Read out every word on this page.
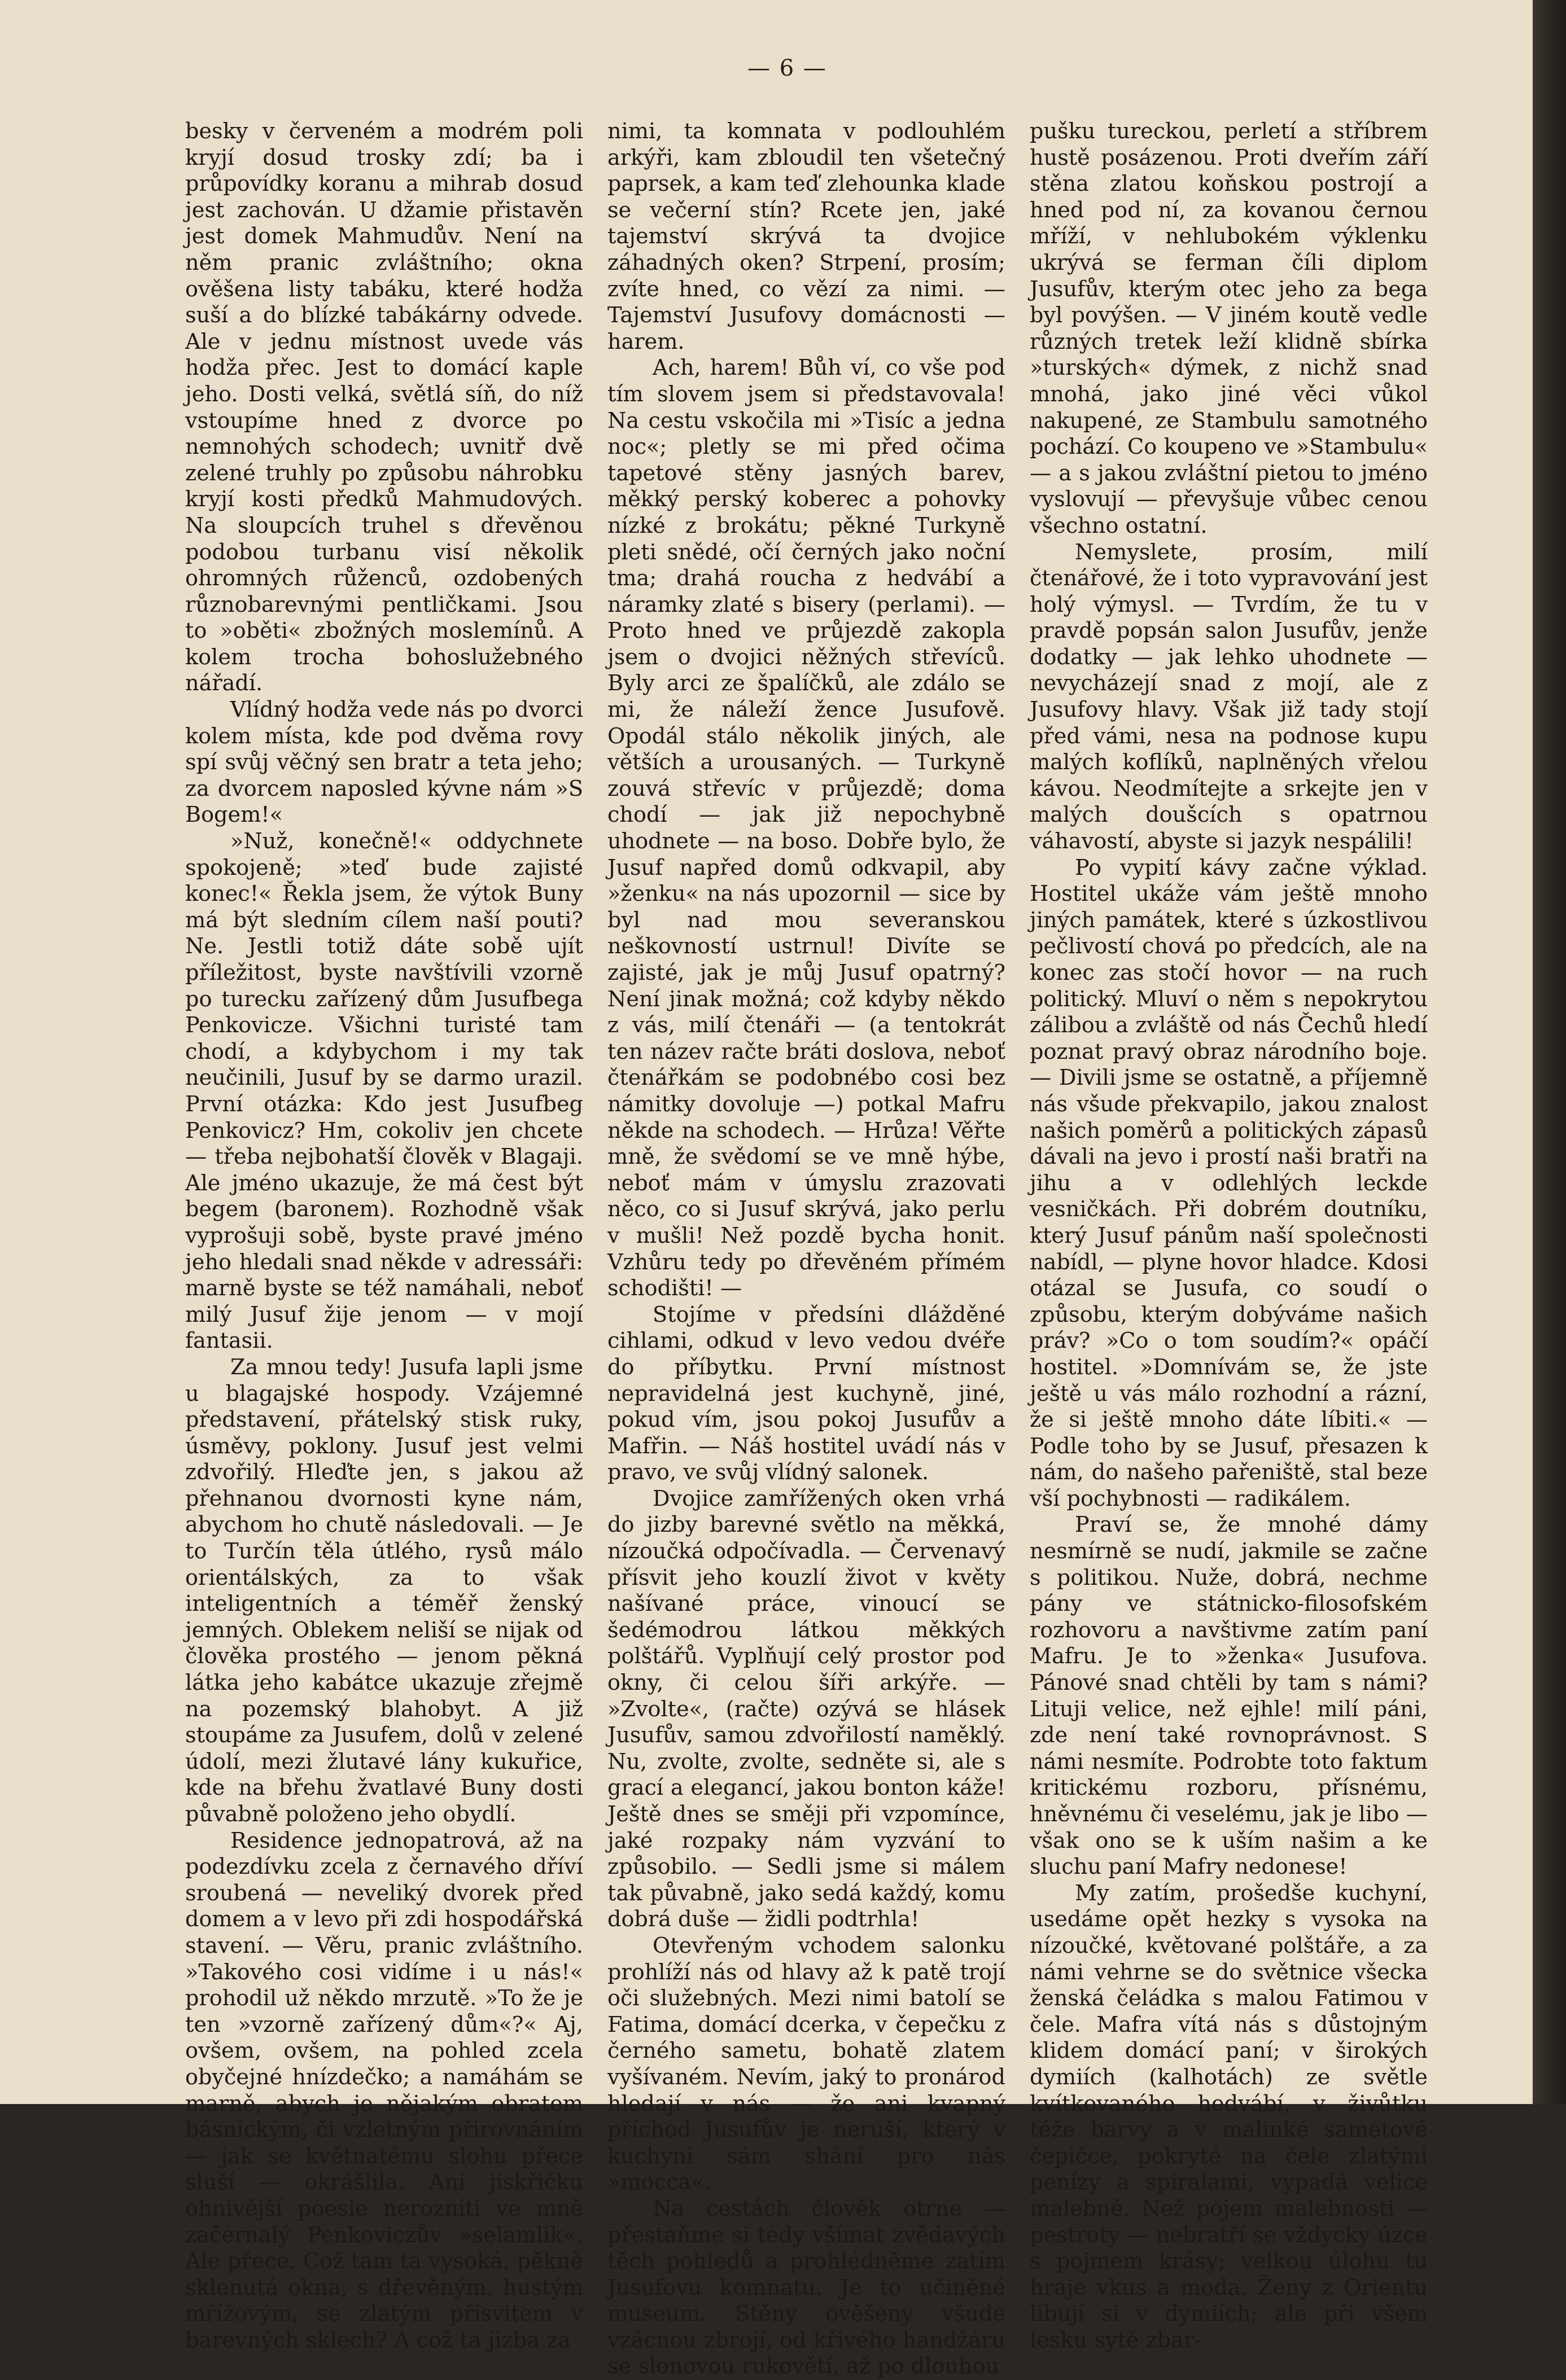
— 6 —

besky v červeném a modrém poli kryjí dosud trosky zdí; ba i průpovídky koranu a mihrab dosud jest zachován. U džamie přistavěn jest domek Mahmudův. Není na něm pranic zvláštního; okna ověšena listy tabáku, které hodža suší a do blízké tabákárny odvede. Ale v jednu místnost uvede vás hodža přec. Jest to domácí kaple jeho. Dosti velká, světlá síň, do níž vstoupíme hned z dvorce po nemnohých schodech; uvnitř dvě zelené truhly po způsobu náhrobku kryjí kosti předků Mahmudových. Na sloupcích truhel s dřevěnou podobou turbanu visí několik ohromných růženců, ozdobených různobarevnými pentličkami. Jsou to »oběti« zbožných moslemínů. A kolem trocha bohoslužebného nářadí.

Vlídný hodža vede nás po dvorci kolem místa, kde pod dvěma rovy spí svůj věčný sen bratr a teta jeho; za dvorcem naposled kývne nám »S Bogem!«

»Nuž, konečně!« oddychnete spokojeně; »teď bude zajisté konec!« Řekla jsem, že výtok Buny má být sledním cílem naší pouti? Ne. Jestli totiž dáte sobě ujít příležitost, byste navštívili vzorně po turecku zařízený dům Jusufbega Penkovicze. Všichni turisté tam chodí, a kdybychom i my tak neučinili, Jusuf by se darmo urazil. První otázka: Kdo jest Jusufbeg Penkovicz? Hm, cokoliv jen chcete — třeba nejbohatší člověk v Blagaji. Ale jméno ukazuje, že má čest být begem (baronem). Rozhodně však vyprošuji sobě, byste pravé jméno jeho hledali snad někde v adressáři: marně byste se též namáhali, neboť milý Jusuf žije jenom — v mojí fantasii.

Za mnou tedy! Jusufa lapli jsme u blagajské hospody. Vzájemné představení, přátelský stisk ruky, úsměvy, poklony. Jusuf jest velmi zdvořilý. Hleďte jen, s jakou až přehnanou dvornosti kyne nám, abychom ho chutě následovali. — Je to Turčín těla útlého, rysů málo orientálských, za to však inteligentních a téměř ženský jemných. Oblekem neliší se nijak od člověka prostého — jenom pěkná látka jeho kabátce ukazuje zřejmě na pozemský blahobyt. A již stoupáme za Jusufem, dolů v zelené údolí, mezi žlutavé lány kukuřice, kde na břehu žvatlavé Buny dosti půvabně položeno jeho obydlí.

Residence jednopatrová, až na podezdívku zcela z černavého dříví sroubená — neveliký dvorek před domem a v levo při zdi hospodářská stavení. — Věru, pranic zvláštního. »Takového cosi vidíme i u nás!« prohodil už někdo mrzutě. »To že je ten »vzorně zařízený dům«?« Aj, ovšem, ovšem, na pohled zcela obyčejné hnízdečko; a namáhám se marně, abych je nějakým obratem básnickým, či vzletným přirovnáním — jak se květnatému slohu přece sluší — okrášlila. Ani jiskřičku ohnivější poesie nerozníti ve mně začernalý Penkoviczův »selamlik«. Ale přece. Což tam ta vysoká, pěkně sklenutá okna, s dřevěným, hustým mřížovým, se zlatým přísvitem v barevných sklech? A což ta jizba za

nimi, ta komnata v podlouhlém arkýři, kam zbloudil ten všetečný paprsek, a kam teď zlehounka klade se večerní stín? Rcete jen, jaké tajemství skrývá ta dvojice záhadných oken? Strpení, prosím; zvíte hned, co vězí za nimi. — Tajemství Jusufovy domácnosti — harem.

Ach, harem! Bůh ví, co vše pod tím slovem jsem si představovala! Na cestu vskočila mi »Tisíc a jedna noc«; pletly se mi před očima tapetové stěny jasných barev, měkký perský koberec a pohovky nízké z brokátu; pěkné Turkyně pleti snědé, očí černých jako noční tma; drahá roucha z hedvábí a náramky zlaté s bisery (perlami). — Proto hned ve průjezdě zakopla jsem o dvojici něžných střevíců. Byly arci ze špalíčků, ale zdálo se mi, že náleží žence Jusufově. Opodál stálo několik jiných, ale větších a urousaných. — Turkyně zouvá střevíc v průjezdě; doma chodí — jak již nepochybně uhodnete — na boso. Dobře bylo, že Jusuf napřed domů odkvapil, aby »ženku« na nás upozornil — sice by byl nad mou severanskou neškovností ustrnul! Divíte se zajisté, jak je můj Jusuf opatrný? Není jinak možná; což kdyby někdo z vás, milí čtenáři — (a tentokrát ten název račte bráti doslova, neboť čtenářkám se podobnébo cosi bez námitky dovoluje —) potkal Mafru někde na schodech. — Hrůza! Věřte mně, že svědomí se ve mně hýbe, neboť mám v úmyslu zrazovati něco, co si Jusuf skrývá, jako perlu v mušli! Než pozdě bycha honit. Vzhůru tedy po dřevěném přímém schodišti! —

Stojíme v předsíni dlážděné cihlami, odkud v levo vedou dvéře do příbytku. První místnost nepravidelná jest kuchyně, jiné, pokud vím, jsou pokoj Jusufův a Mafřin. — Náš hostitel uvádí nás v pravo, ve svůj vlídný salonek.

Dvojice zamřížených oken vrhá do jizby barevné světlo na měkká, nízoučká odpočívadla. — Červenavý přísvit jeho kouzlí život v květy našívané práce, vinoucí se šedémodrou látkou měkkých polštářů. Vyplňují celý prostor pod okny, či celou šíři arkýře. — »Zvolte«, (račte) ozývá se hlásek Jusufův, samou zdvořilostí naměklý. Nu, zvolte, zvolte, sedněte si, ale s grací a elegancí, jakou bonton káže! Ještě dnes se směji při vzpomínce, jaké rozpaky nám vyzvání to způsobilo. — Sedli jsme si málem tak půvabně, jako sedá každý, komu dobrá duše — židli podtrhla!

Otevřeným vchodem salonku prohlíží nás od hlavy až k patě trojí oči služebných. Mezi nimi batolí se Fatima, domácí dcerka, v čepečku z černého sametu, bohatě zlatem vyšívaném. Nevím, jaký to pronárod hledají v nás — že ani kvapný příchod Jusufův je neruší, který v kuchyni sám shání pro nás »mocca«.

Na cestách člověk otrne — přestaňme si tedy všímat zvědavých těch pohledů a prohlédněme zatím Jusufovu komnatu. Je to učiněné museum. Stěny ověšeny všude vzácnou zbrojí, od křivého handžáru se slonovou rukovětí, až po dlouhou

pušku tureckou, perletí a stříbrem hustě posázenou. Proti dveřím září stěna zlatou koňskou postrojí a hned pod ní, za kovanou černou mříží, v nehlubokém výklenku ukrývá se ferman číli diplom Jusufův, kterým otec jeho za bega byl povýšen. — V jiném koutě vedle různých tretek leží klidně sbírka »turských« dýmek, z nichž snad mnohá, jako jiné věci vůkol nakupené, ze Stambulu samotného pochází. Co koupeno ve »Stambulu« — a s jakou zvláštní pietou to jméno vyslovují — převyšuje vůbec cenou všechno ostatní.

Nemyslete, prosím, milí čtenářové, že i toto vypravování jest holý výmysl. — Tvrdím, že tu v pravdě popsán salon Jusufův, jenže dodatky — jak lehko uhodnete — nevycházejí snad z mojí, ale z Jusufovy hlavy. Však již tady stojí před vámi, nesa na podnose kupu malých koflíků, naplněných vřelou kávou. Neodmítejte a srkejte jen v malých doušcích s opatrnou váhavostí, abyste si jazyk nespálili!

Po vypití kávy začne výklad. Hostitel ukáže vám ještě mnoho jiných památek, které s úzkostlivou pečlivostí chová po předcích, ale na konec zas stočí hovor — na ruch politický. Mluví o něm s nepokrytou zálibou a zvláště od nás Čechů hledí poznat pravý obraz národního boje. — Divili jsme se ostatně, a příjemně nás všude překvapilo, jakou znalost našich poměrů a politických zápasů dávali na jevo i prostí naši bratři na jihu a v odlehlých leckde vesničkách. Při dobrém doutníku, který Jusuf pánům naší společnosti nabídl, — plyne hovor hladce. Kdosi otázal se Jusufa, co soudí o způsobu, kterým dobýváme našich práv? »Co o tom soudím?« opáčí hostitel. »Domnívám se, že jste ještě u vás málo rozhodní a rázní, že si ještě mnoho dáte líbiti.« — Podle toho by se Jusuf, přesazen k nám, do našeho pařeniště, stal beze vší pochybnosti — radikálem.

Praví se, že mnohé dámy nesmírně se nudí, jakmile se začne s politikou. Nuže, dobrá, nechme pány ve státnicko-filosofském rozhovoru a navštivme zatím paní Mafru. Je to »ženka« Jusufova. Pánové snad chtěli by tam s námi? Lituji velice, než ejhle! milí páni, zde není také rovnoprávnost. S námi nesmíte. Podrobte toto faktum kritickému rozboru, přísnému, hněvnému či veselému, jak je libo — však ono se k uším našim a ke sluchu paní Mafry nedonese!

My zatím, prošedše kuchyní, usedáme opět hezky s vysoka na nízoučké, květované polštáře, a za námi vehrne se do světnice všecka ženská čeládka s malou Fatimou v čele. Mafra vítá nás s důstojným klidem domácí paní; v širokých dymiích (kalhotách) ze světle kvítkovaného hedvábí, v živůtku téže barvy a v malinké sametové čepičce, pokryté na čele zlatými penízy a spiralami, vypadá velice malebně. Než pojem malebnosti — pestroty — nebratří se vždycky úzce s pojmem krásy; velkou úlohu tu hraje vkus a moda. Ženy z Orientu libují si v dymiích; ale při všem lesku sytě zbar-
